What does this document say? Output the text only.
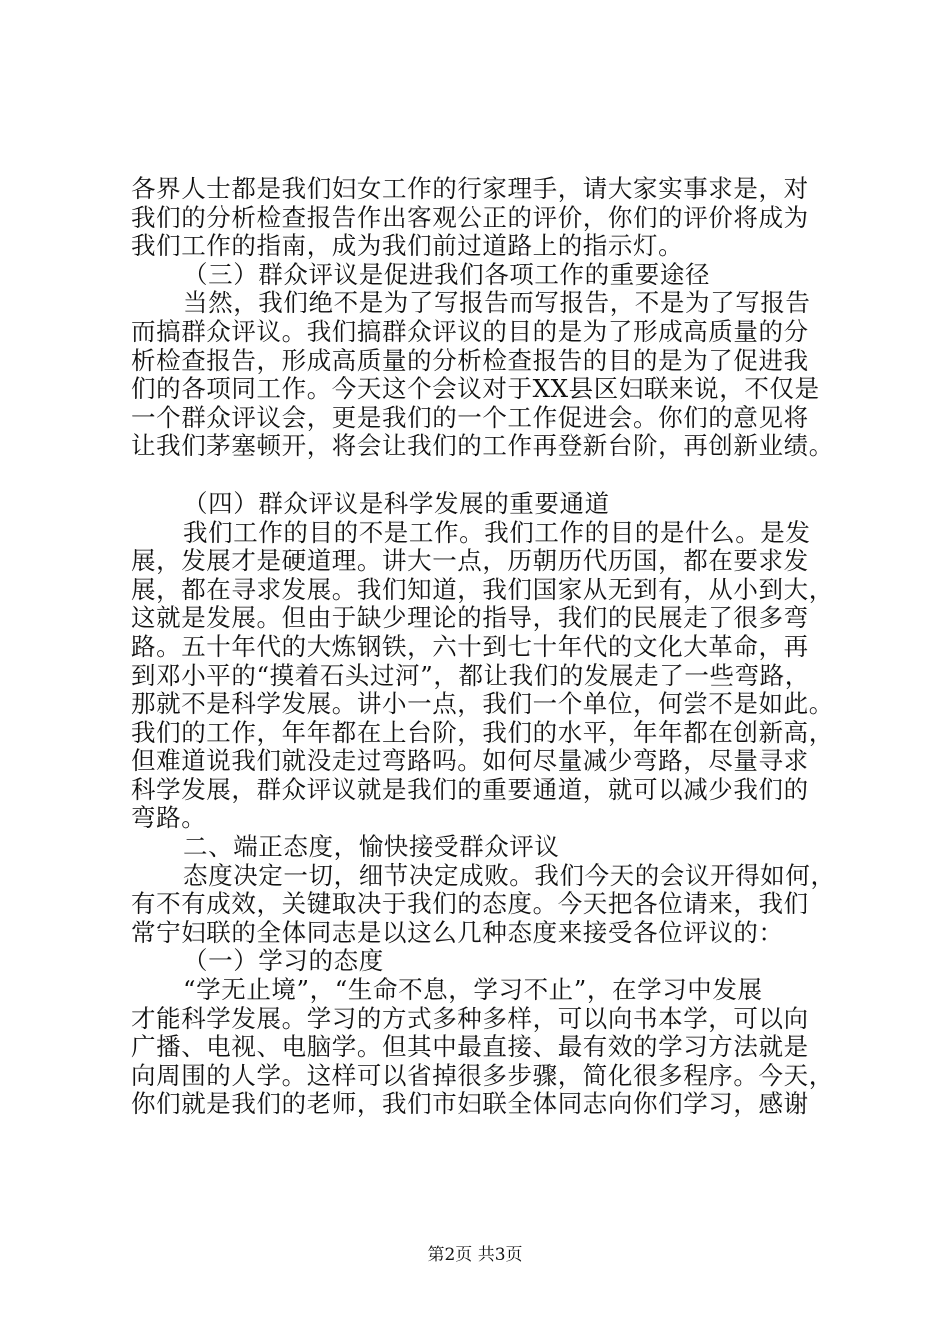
各界人士都是我们妇女工作的行家理手，请大家实事求是，对
我们的分析检查报告作出客观公正的评价，你们的评价将成为
我们工作的指南，成为我们前过道路上的指示灯。
（三）群众评议是促进我们各项工作的重要途径
当然，我们绝不是为了写报告而写报告，不是为了写报告
而搞群众评议。我们搞群众评议的目的是为了形成高质量的分
析检查报告，形成高质量的分析检查报告的目的是为了促进我
们的各项同工作。今天这个会议对于XX县区妇联来说，不仅是
一个群众评议会，更是我们的一个工作促进会。你们的意见将
让我们茅塞顿开，将会让我们的工作再登新台阶，再创新业绩。
（四）群众评议是科学发展的重要通道
我们工作的目的不是工作。我们工作的目的是什么。是发
展，发展才是硬道理。讲大一点，历朝历代历国，都在要求发
展，都在寻求发展。我们知道，我们国家从无到有，从小到大，
这就是发展。但由于缺少理论的指导，我们的民展走了很多弯
路。五十年代的大炼钢铁，六十到七十年代的文化大革命，再
到邓小平的“摸着石头过河”，都让我们的发展走了一些弯路，
那就不是科学发展。讲小一点，我们一个单位，何尝不是如此。
我们的工作，年年都在上台阶，我们的水平，年年都在创新高，
但难道说我们就没走过弯路吗。如何尽量减少弯路，尽量寻求
科学发展，群众评议就是我们的重要通道，就可以减少我们的
弯路。
二、端正态度，愉快接受群众评议
态度决定一切，细节决定成败。我们今天的会议开得如何，
有不有成效，关键取决于我们的态度。今天把各位请来，我们
常宁妇联的全体同志是以这么几种态度来接受各位评议的：
（一）学习的态度
“学无止境”，“生命不息，学习不止”，在学习中发展
才能科学发展。学习的方式多种多样，可以向书本学，可以向
广播、电视、电脑学。但其中最直接、最有效的学习方法就是
向周围的人学。这样可以省掉很多步骤，简化很多程序。今天，
你们就是我们的老师，我们市妇联全体同志向你们学习，感谢
第2页 共3页
